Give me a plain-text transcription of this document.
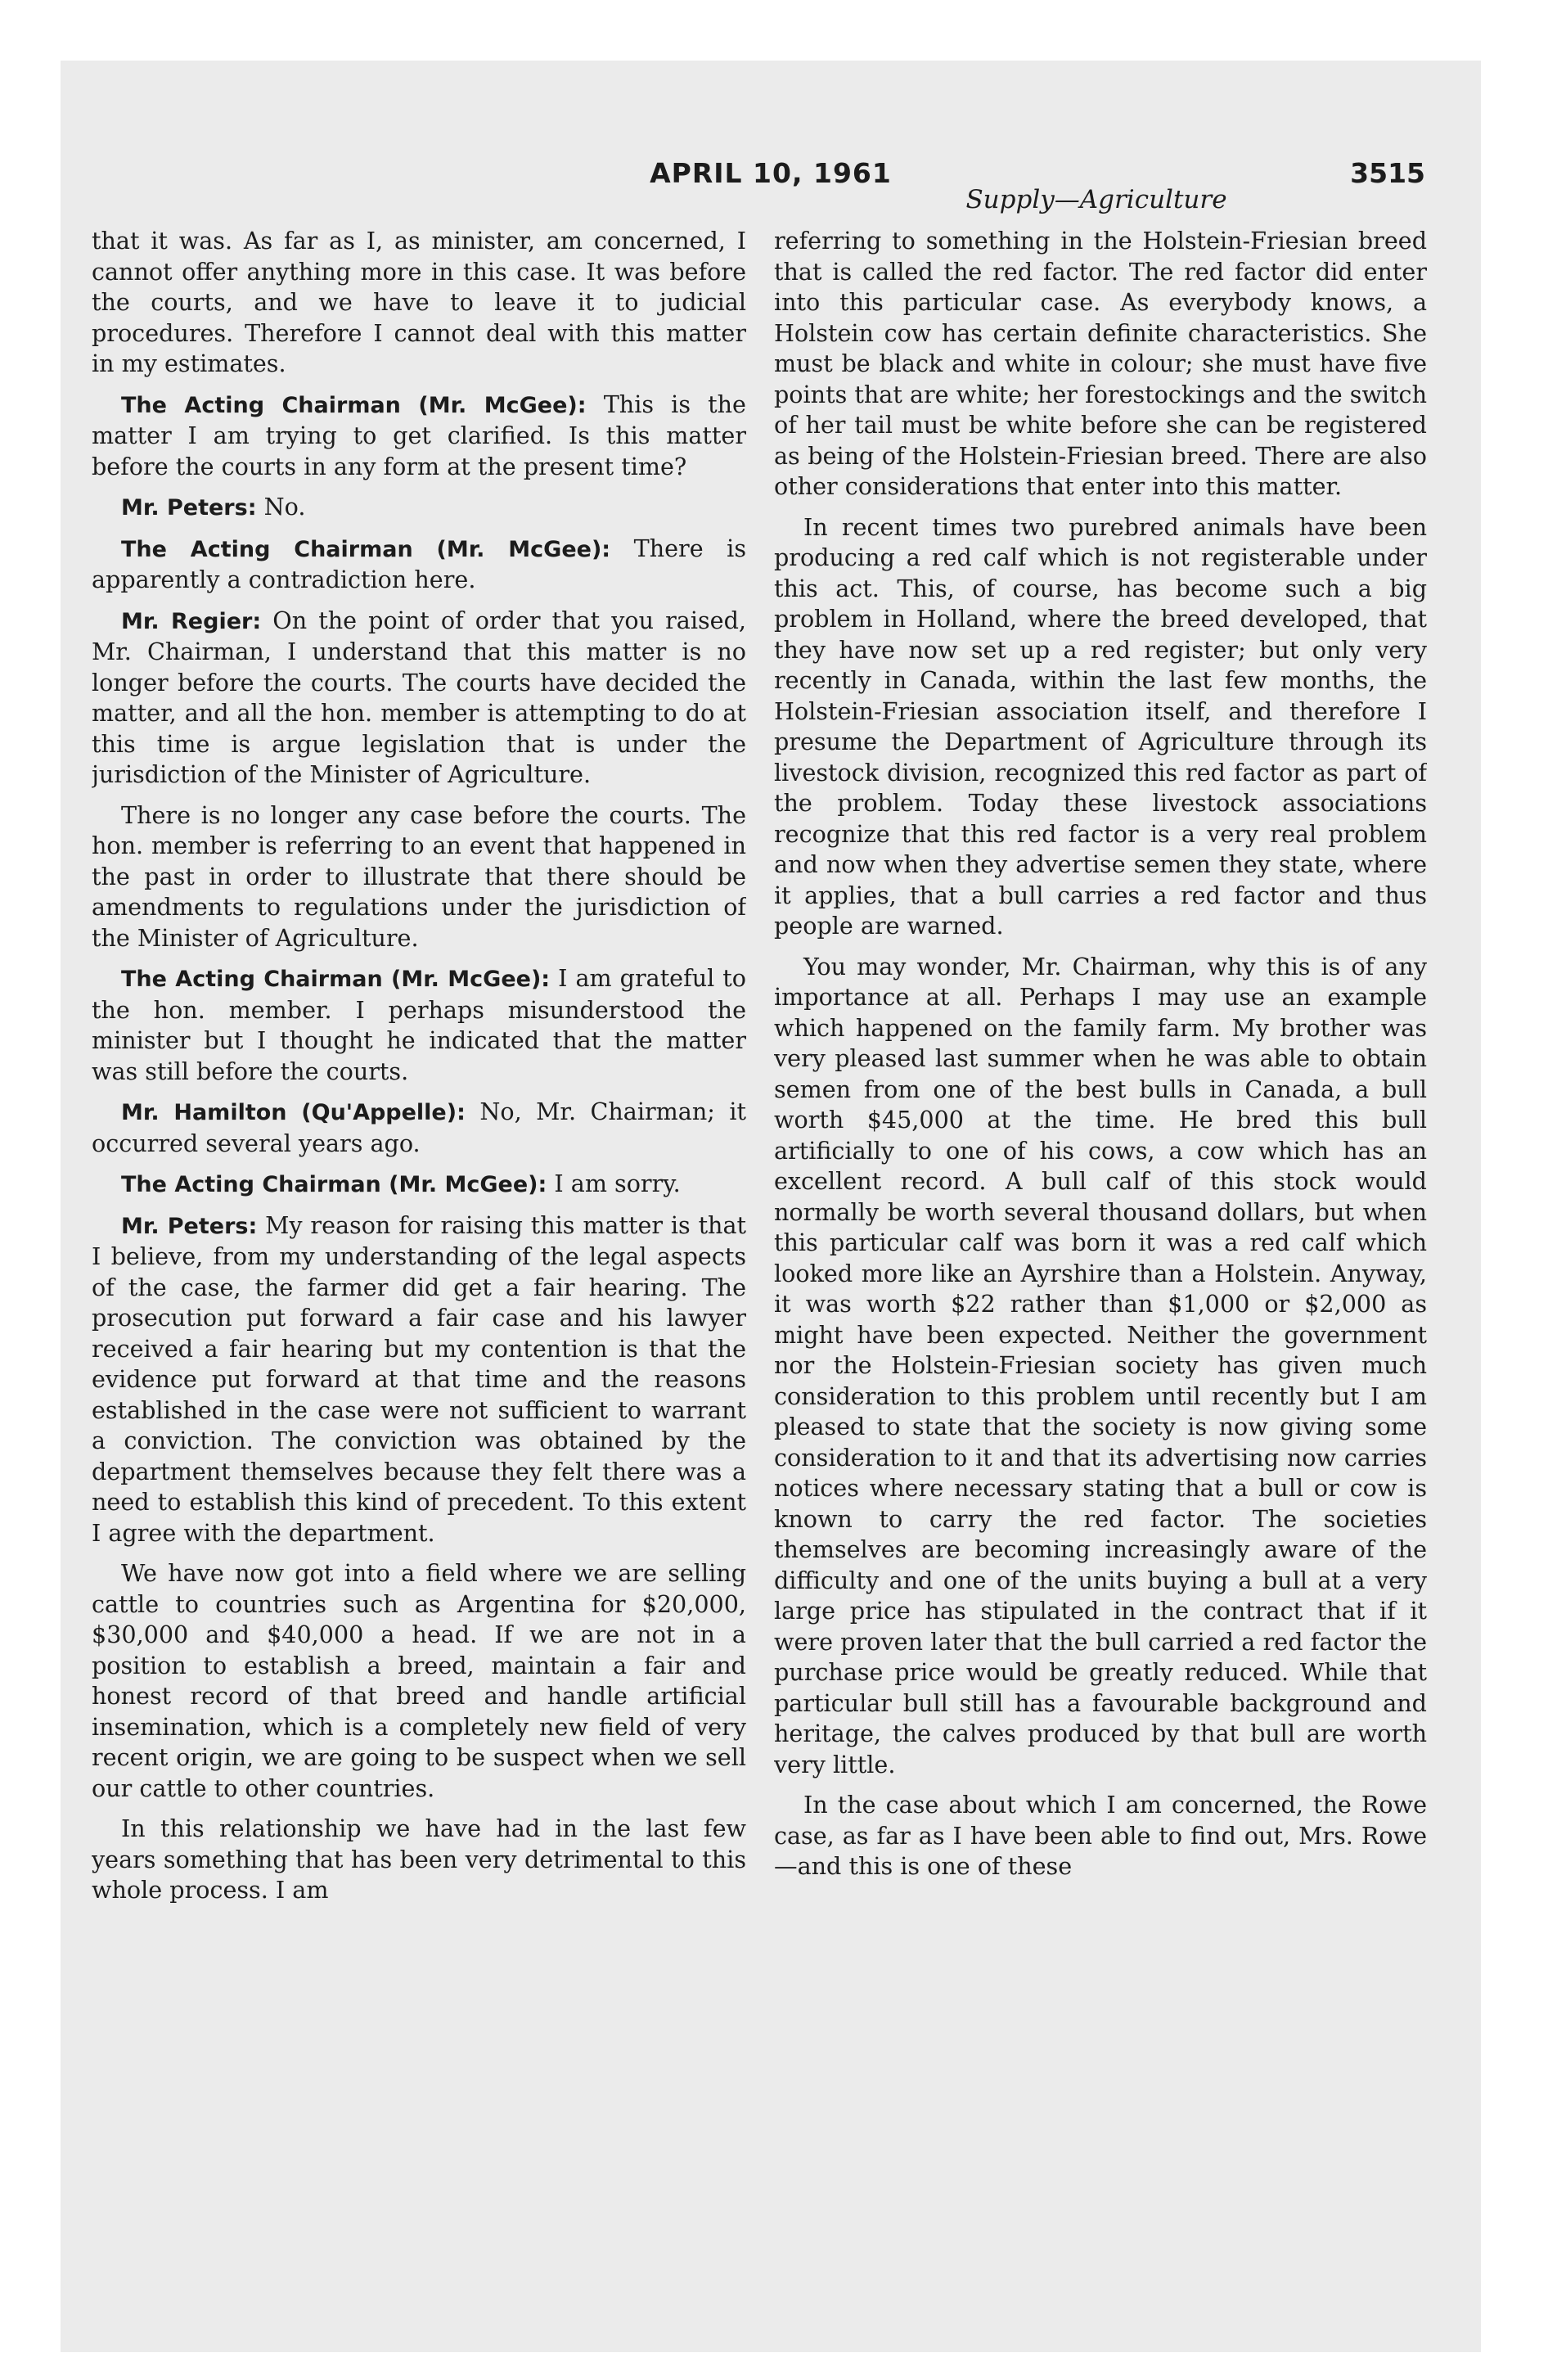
APRIL 10, 1961	3515
Supply—Agriculture

that it was. As far as I, as minister, am concerned, I cannot offer anything more in this case. It was before the courts, and we have to leave it to judicial procedures. Therefore I cannot deal with this matter in my estimates.

The Acting Chairman (Mr. McGee): This is the matter I am trying to get clarified. Is this matter before the courts in any form at the present time?

Mr. Peters: No.

The Acting Chairman (Mr. McGee): There is apparently a contradiction here.

Mr. Regier: On the point of order that you raised, Mr. Chairman, I understand that this matter is no longer before the courts. The courts have decided the matter, and all the hon. member is attempting to do at this time is argue legislation that is under the jurisdiction of the Minister of Agriculture.

There is no longer any case before the courts. The hon. member is referring to an event that happened in the past in order to illustrate that there should be amendments to regulations under the jurisdiction of the Minister of Agriculture.

The Acting Chairman (Mr. McGee): I am grateful to the hon. member. I perhaps misunderstood the minister but I thought he indicated that the matter was still before the courts.

Mr. Hamilton (Qu'Appelle): No, Mr. Chairman; it occurred several years ago.

The Acting Chairman (Mr. McGee): I am sorry.

Mr. Peters: My reason for raising this matter is that I believe, from my understanding of the legal aspects of the case, the farmer did get a fair hearing. The prosecution put forward a fair case and his lawyer received a fair hearing but my contention is that the evidence put forward at that time and the reasons established in the case were not sufficient to warrant a conviction. The conviction was obtained by the department themselves because they felt there was a need to establish this kind of precedent. To this extent I agree with the department.

We have now got into a field where we are selling cattle to countries such as Argentina for $20,000, $30,000 and $40,000 a head. If we are not in a position to establish a breed, maintain a fair and honest record of that breed and handle artificial insemination, which is a completely new field of very recent origin, we are going to be suspect when we sell our cattle to other countries.

In this relationship we have had in the last few years something that has been very detrimental to this whole process. I am

referring to something in the Holstein-Friesian breed that is called the red factor. The red factor did enter into this particular case. As everybody knows, a Holstein cow has certain definite characteristics. She must be black and white in colour; she must have five points that are white; her forestockings and the switch of her tail must be white before she can be registered as being of the Holstein-Friesian breed. There are also other considerations that enter into this matter.

In recent times two purebred animals have been producing a red calf which is not registerable under this act. This, of course, has become such a big problem in Holland, where the breed developed, that they have now set up a red register; but only very recently in Canada, within the last few months, the Holstein-Friesian association itself, and therefore I presume the Department of Agriculture through its livestock division, recognized this red factor as part of the problem. Today these livestock associations recognize that this red factor is a very real problem and now when they advertise semen they state, where it applies, that a bull carries a red factor and thus people are warned.

You may wonder, Mr. Chairman, why this is of any importance at all. Perhaps I may use an example which happened on the family farm. My brother was very pleased last summer when he was able to obtain semen from one of the best bulls in Canada, a bull worth $45,000 at the time. He bred this bull artificially to one of his cows, a cow which has an excellent record. A bull calf of this stock would normally be worth several thousand dollars, but when this particular calf was born it was a red calf which looked more like an Ayrshire than a Holstein. Anyway, it was worth $22 rather than $1,000 or $2,000 as might have been expected. Neither the government nor the Holstein-Friesian society has given much consideration to this problem until recently but I am pleased to state that the society is now giving some consideration to it and that its advertising now carries notices where necessary stating that a bull or cow is known to carry the red factor. The societies themselves are becoming increasingly aware of the difficulty and one of the units buying a bull at a very large price has stipulated in the contract that if it were proven later that the bull carried a red factor the purchase price would be greatly reduced. While that particular bull still has a favourable background and heritage, the calves produced by that bull are worth very little.

In the case about which I am concerned, the Rowe case, as far as I have been able to find out, Mrs. Rowe—and this is one of these
